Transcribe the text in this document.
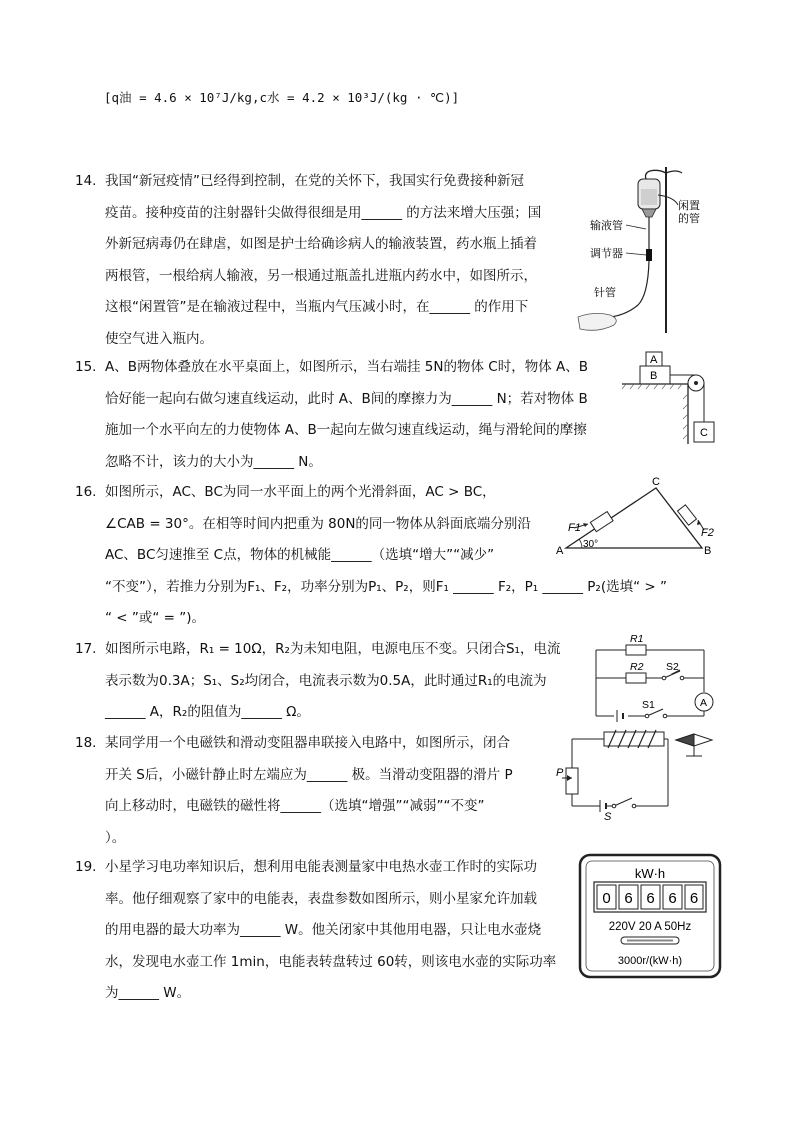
[q油 = 4.6 × 10⁷J/kg,c水 = 4.2 × 10³J/(kg · ℃)]
14. 我国“新冠疫情”已经得到控制，在党的关怀下，我国实行免费接种新冠

疫苗。接种疫苗的注射器针尖做得很细是用______ 的方法来增大压强；国

外新冠病毒仍在肆虐，如图是护士给确诊病人的输液装置，药水瓶上插着

两根管，一根给病人输液，另一根通过瓶盖扎进瓶内药水中，如图所示，

这根“闲置管”是在输液过程中，当瓶内气压减小时，在______ 的作用下

使空气进入瓶内。

闲置
的管
输液管
调节器
针管
15. A、B两物体叠放在水平桌面上，如图所示，当右端挂 5N的物体 C时，物体 A、B

恰好能一起向右做匀速直线运动，此时 A、B间的摩擦力为______ N；若对物体 B

施加一个水平向左的力使物体 A、B一起向左做匀速直线运动，绳与滑轮间的摩擦

忽略不计，该力的大小为______ N。

A
B
C
16. 如图所示，AC、BC为同一水平面上的两个光滑斜面，AC > BC，

∠CAB = 30°。在相等时间内把重为 80N的同一物体从斜面底端分别沿

AC、BC匀速推至 C点，物体的机械能______（选填“增大”“减少”

“不变”），若推力分别为F₁、F₂，功率分别为P₁、P₂，则F₁ ______ F₂，P₁ ______ P₂(选填“ > ”

“ < ”或“ = ”)。

A
C
B
F1	F2
30°
17. 如图所示电路，R₁ = 10Ω，R₂为未知电阻，电源电压不变。只闭合S₁，电流

表示数为0.3A；S₁、S₂均闭合，电流表示数为0.5A，此时通过R₁的电流为

______ A，R₂的阻值为______ Ω。

R1
R2 S2
S1	A
18. 某同学用一个电磁铁和滑动变阻器串联接入电路中，如图所示，闭合

开关 S后，小磁针静止时左端应为______ 极。当滑动变阻器的滑片 P

向上移动时，电磁铁的磁性将______（选填“增强”“减弱”“不变”

）。

P
S
19. 小星学习电功率知识后，想利用电能表测量家中电热水壶工作时的实际功

率。他仔细观察了家中的电能表，表盘参数如图所示，则小星家允许加载

的用电器的最大功率为______ W。他关闭家中其他用电器，只让电水壶烧

水，发现电水壶工作 1min，电能表转盘转过 60转，则该电水壶的实际功率

为______ W。

kW·h
0 6 6 6 6
220V 20 A 50Hz
3000r/(kW·h)
